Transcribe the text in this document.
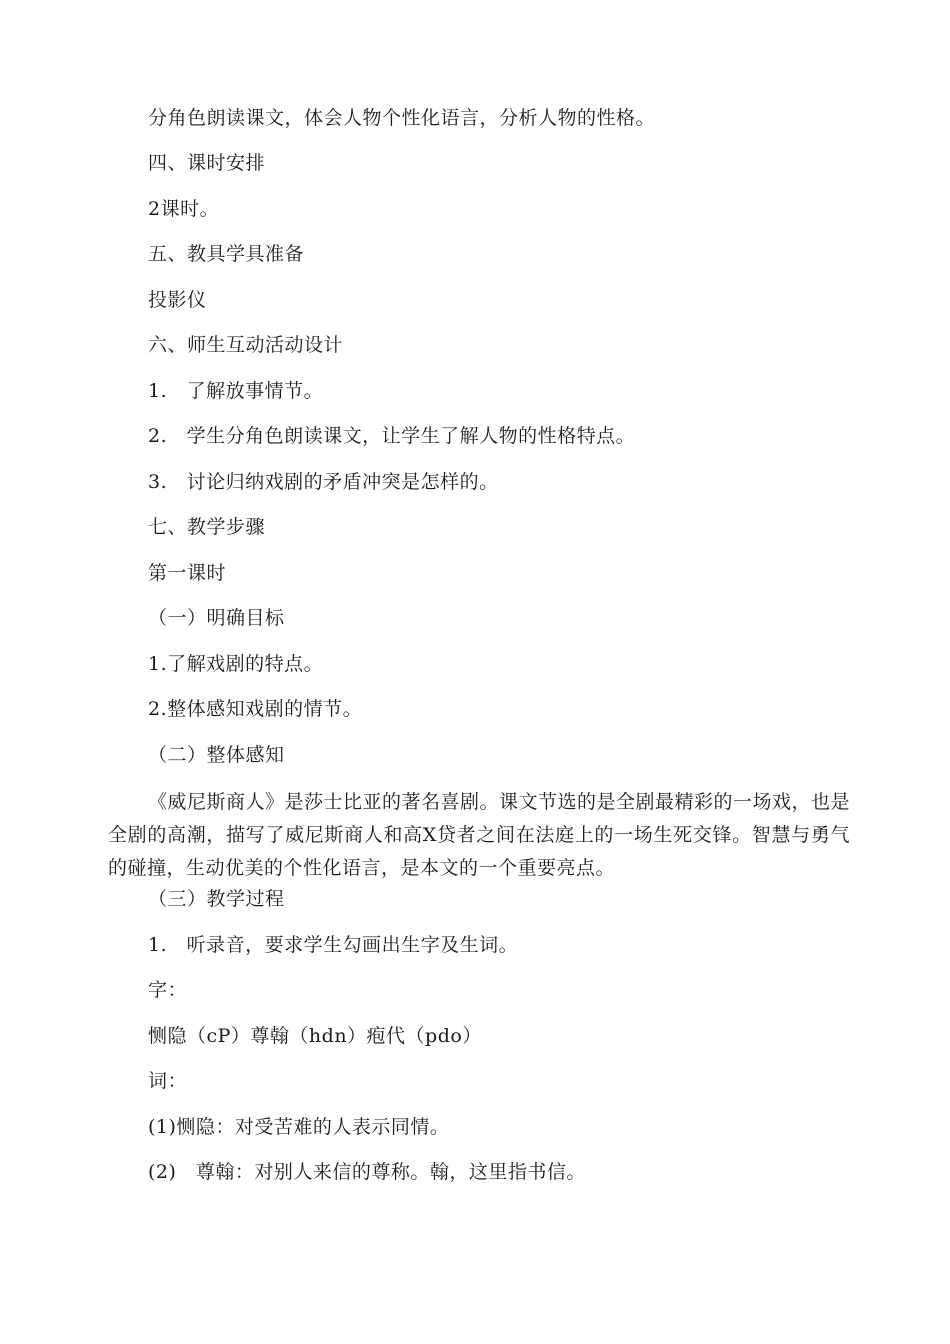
分角色朗读课文，体会人物个性化语言，分析人物的性格。
四、课时安排
2课时。
五、教具学具准备
投影仪
六、师生互动活动设计
1.　了解放事情节。
2.　学生分角色朗读课文，让学生了解人物的性格特点。
3.　讨论归纳戏剧的矛盾冲突是怎样的。
七、教学步骤
第一课时
（一）明确目标
1.了解戏剧的特点。
2.整体感知戏剧的情节。
（二）整体感知
《威尼斯商人》是莎士比亚的著名喜剧。课文节选的是全剧最精彩的一场戏，也是全剧的高潮，描写了威尼斯商人和高X贷者之间在法庭上的一场生死交锋。智慧与勇气的碰撞，生动优美的个性化语言，是本文的一个重要亮点。
（三）教学过程
1.　听录音，要求学生勾画出生字及生词。
字：
恻隐（cP）尊翰（hdn）疱代（pdo）
词：
(1)恻隐：对受苦难的人表示同情。
(2)　尊翰：对别人来信的尊称。翰，这里指书信。
